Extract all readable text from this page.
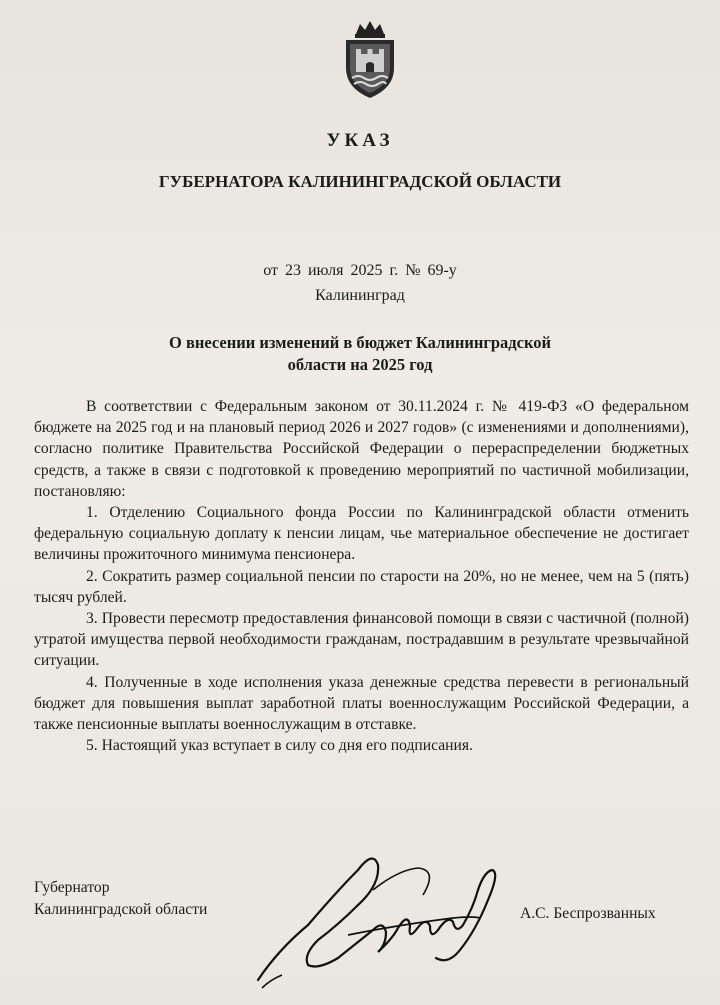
УКАЗ
ГУБЕРНАТОРА КАЛИНИНГРАДСКОЙ ОБЛАСТИ
от 23 июля 2025 г. № 69-у
Калининград
О внесении изменений в бюджет Калининградской
области на 2025 год

В соответствии с Федеральным законом от 30.11.2024 г. № 419-ФЗ «О федеральном бюджете на 2025 год и на плановый период 2026 и 2027 годов» (с изменениями и дополнениями), согласно политике Правительства Российской Федерации о перераспределении бюджетных средств, а также в связи с подготовкой к проведению мероприятий по частичной мобилизации, постановляю:

1. Отделению Социального фонда России по Калининградской области отменить федеральную социальную доплату к пенсии лицам, чье материальное обеспечение не достигает величины прожиточного минимума пенсионера.

2. Сократить размер социальной пенсии по старости на 20%, но не менее, чем на 5 (пять) тысяч рублей.

3. Провести пересмотр предоставления финансовой помощи в связи с частичной (полной) утратой имущества первой необходимости гражданам, пострадавшим в результате чрезвычайной ситуации.

4. Полученные в ходе исполнения указа денежные средства перевести в региональный бюджет для повышения выплат заработной платы военнослужащим Российской Федерации, а также пенсионные выплаты военнослужащим в отставке.

5. Настоящий указ вступает в силу со дня его подписания.

Губернатор
Калининградской области	А.С. Беспрозванных
